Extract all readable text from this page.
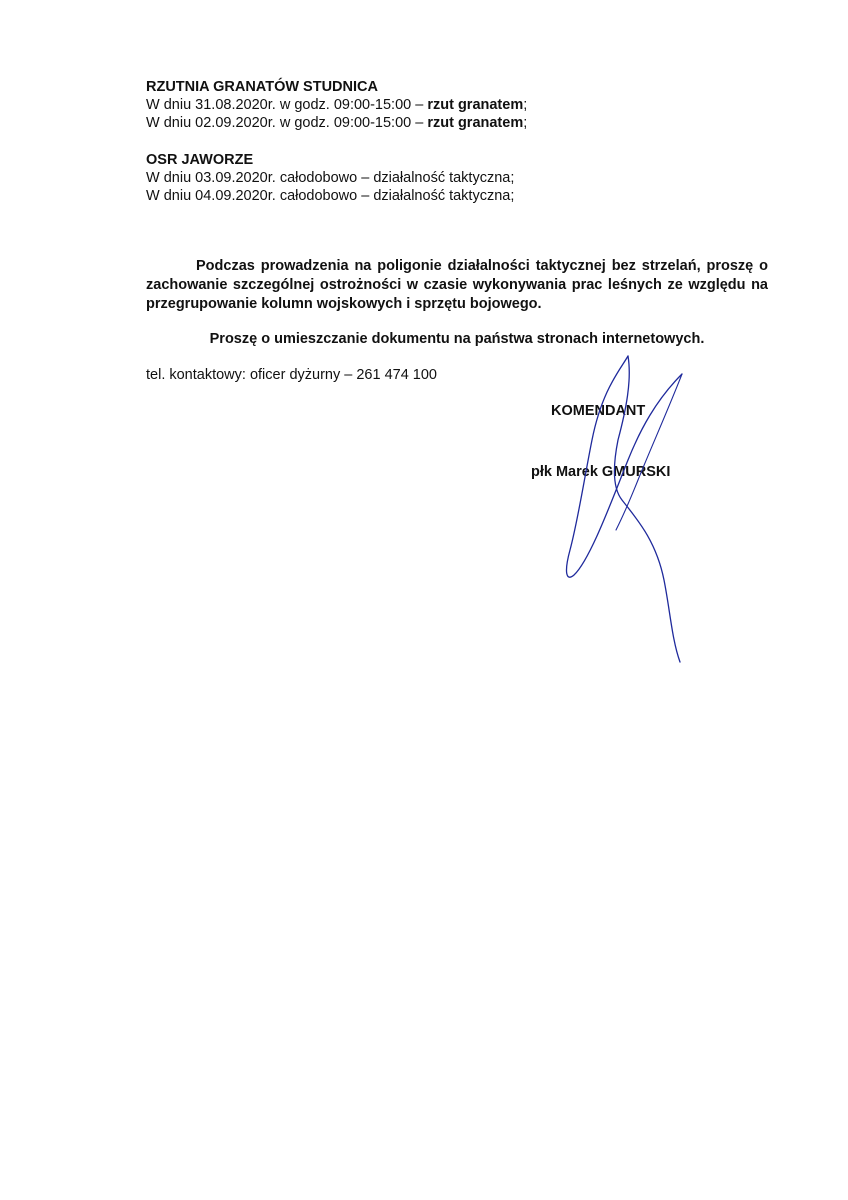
RZUTNIA GRANATÓW STUDNICA
W dniu 31.08.2020r. w godz. 09:00-15:00 – rzut granatem;
W dniu 02.09.2020r. w godz. 09:00-15:00 – rzut granatem;
OSR JAWORZE
W dniu 03.09.2020r. całodobowo – działalność taktyczna;
W dniu 04.09.2020r. całodobowo – działalność taktyczna;
Podczas prowadzenia na poligonie działalności taktycznej bez strzelań, proszę o zachowanie szczególnej ostrożności w czasie wykonywania prac leśnych ze względu na przegrupowanie kolumn wojskowych i sprzętu bojowego.
Proszę o umieszczanie dokumentu na państwa stronach internetowych.
tel. kontaktowy: oficer dyżurny – 261 474 100
KOMENDANT
płk Marek GMURSKI
